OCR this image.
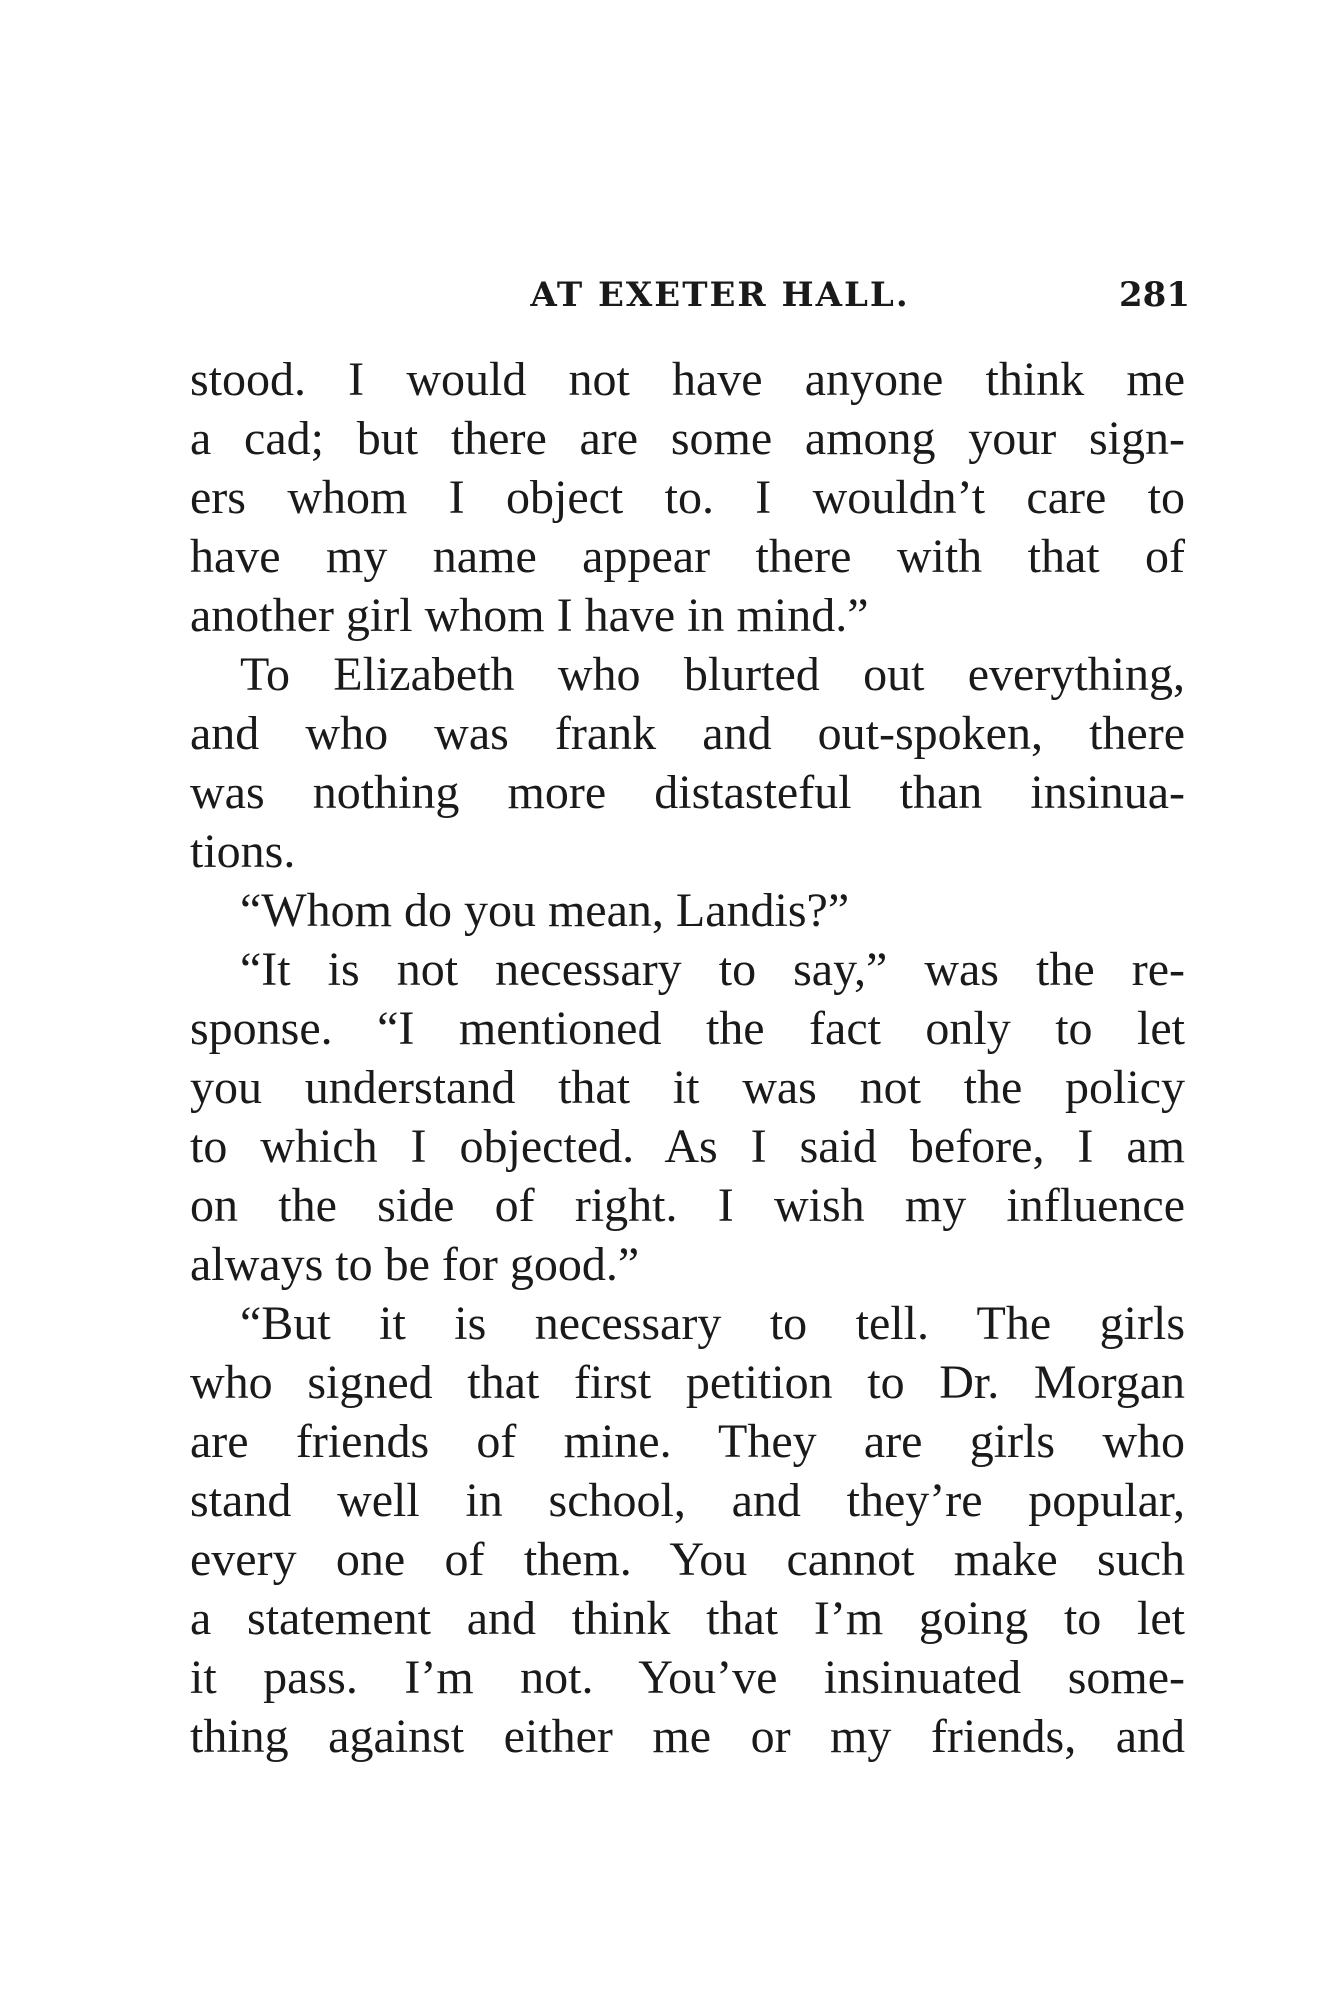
AT EXETER HALL.	281
stood. I would not have anyone think me
a cad; but there are some among your sign-
ers whom I object to. I wouldn’t care to
have my name appear there with that of
another girl whom I have in mind.”
To Elizabeth who blurted out everything,
and who was frank and out-spoken, there
was nothing more distasteful than insinua-
tions.
“Whom do you mean, Landis?”
“It is not necessary to say,” was the re-
sponse. “I mentioned the fact only to let
you understand that it was not the policy
to which I objected. As I said before, I am
on the side of right. I wish my influence
always to be for good.”
“But it is necessary to tell. The girls
who signed that first petition to Dr. Morgan
are friends of mine. They are girls who
stand well in school, and they’re popular,
every one of them. You cannot make such
a statement and think that I’m going to let
it pass. I’m not. You’ve insinuated some-
thing against either me or my friends, and
